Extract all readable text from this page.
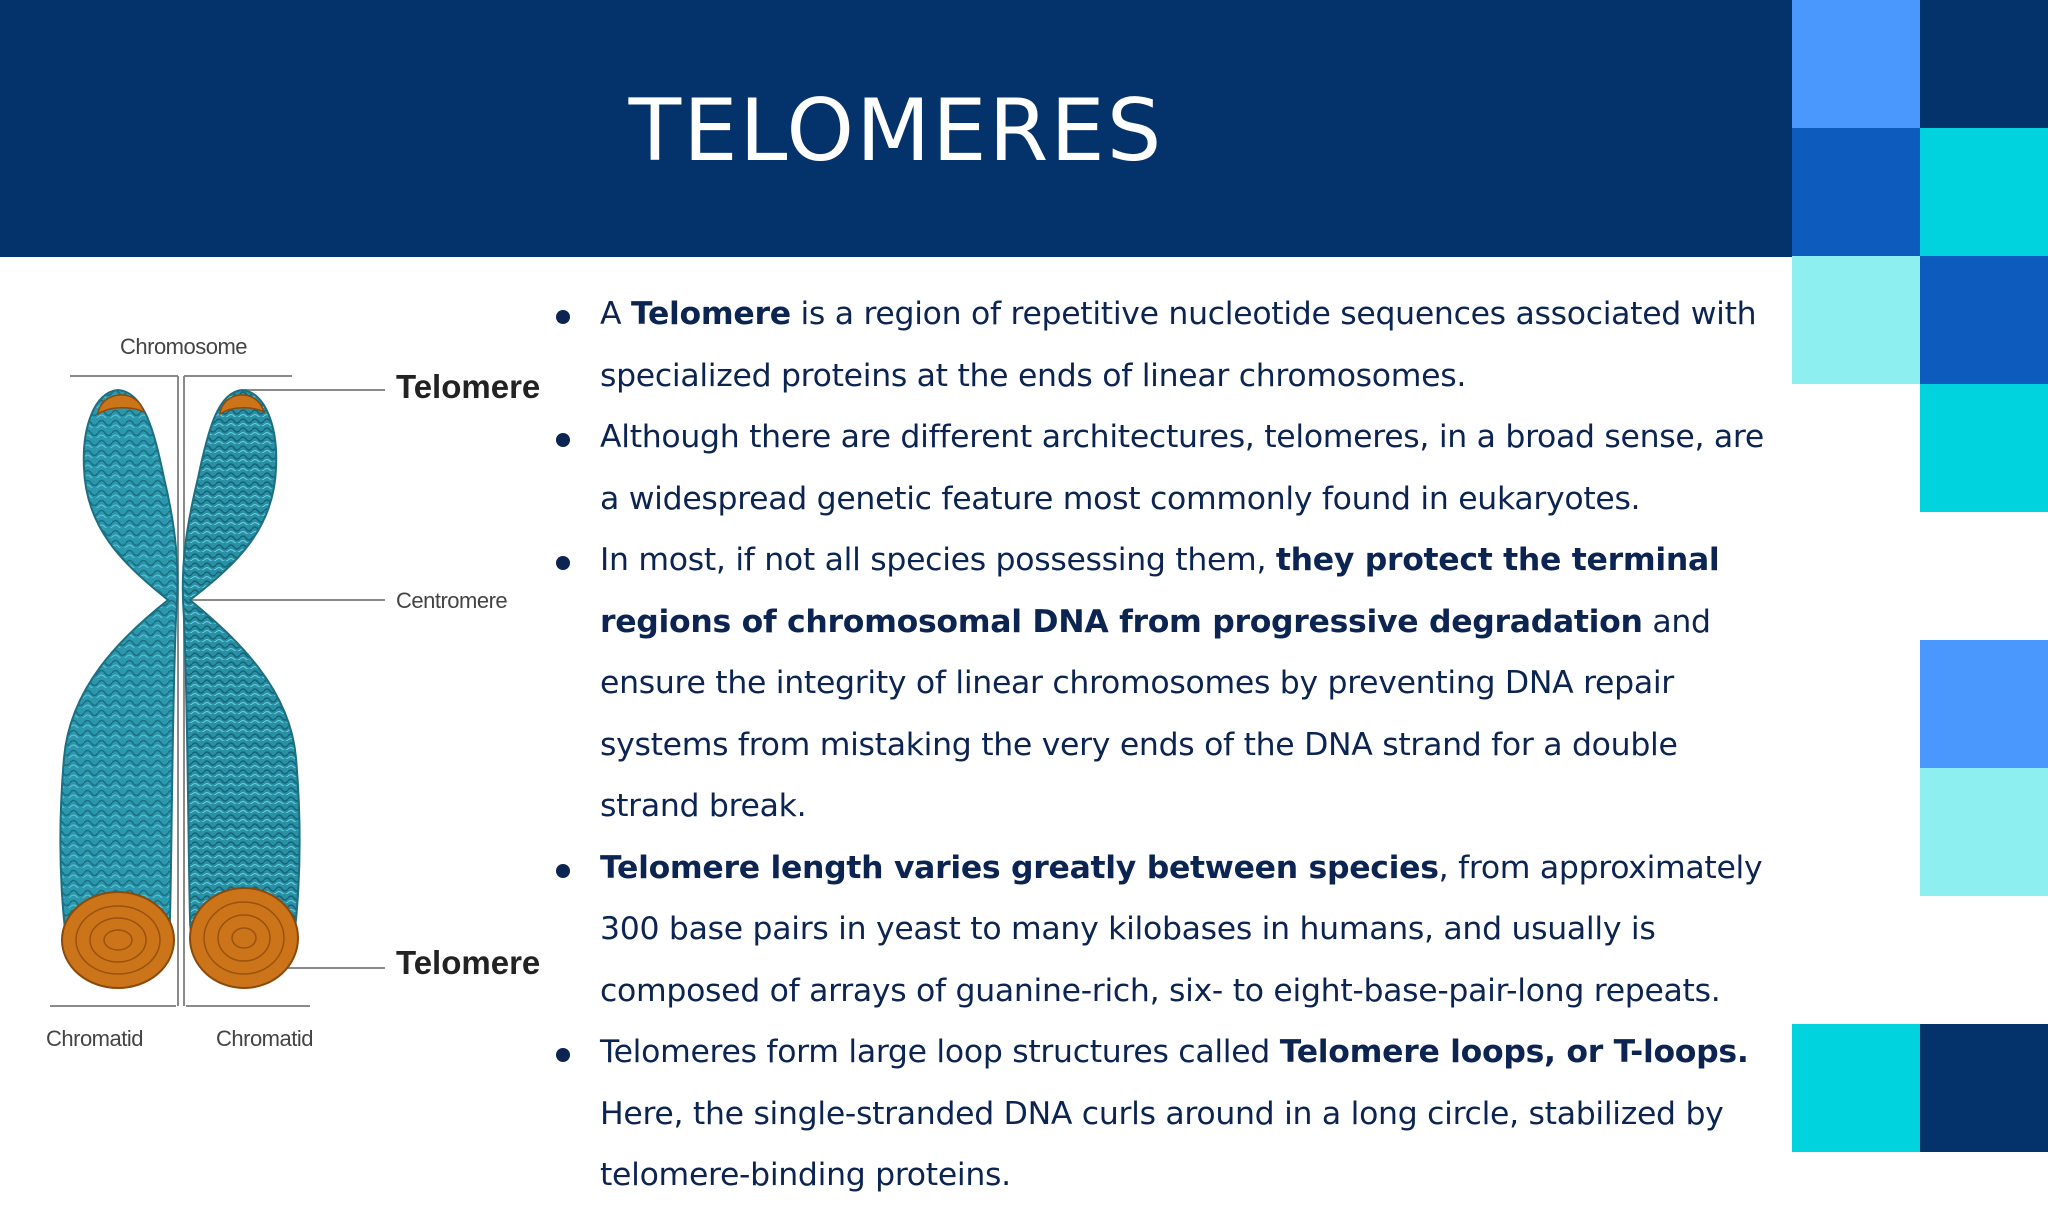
TELOMERES
Chromosome
Telomere
Centromere
Telomere
Chromatid	Chromatid
A Telomere is a region of repetitive nucleotide sequences associated with specialized proteins at the ends of linear chromosomes.
Although there are different architectures, telomeres, in a broad sense, are a widespread genetic feature most commonly found in eukaryotes.
In most, if not all species possessing them, they protect the terminal regions of chromosomal DNA from progressive degradation and ensure the integrity of linear chromosomes by preventing DNA repair systems from mistaking the very ends of the DNA strand for a double strand break.
Telomere length varies greatly between species, from approximately 300 base pairs in yeast to many kilobases in humans, and usually is composed of arrays of guanine-rich, six- to eight-base-pair-long repeats.
Telomeres form large loop structures called Telomere loops, or T-loops. Here, the single-stranded DNA curls around in a long circle, stabilized by telomere-binding proteins.
